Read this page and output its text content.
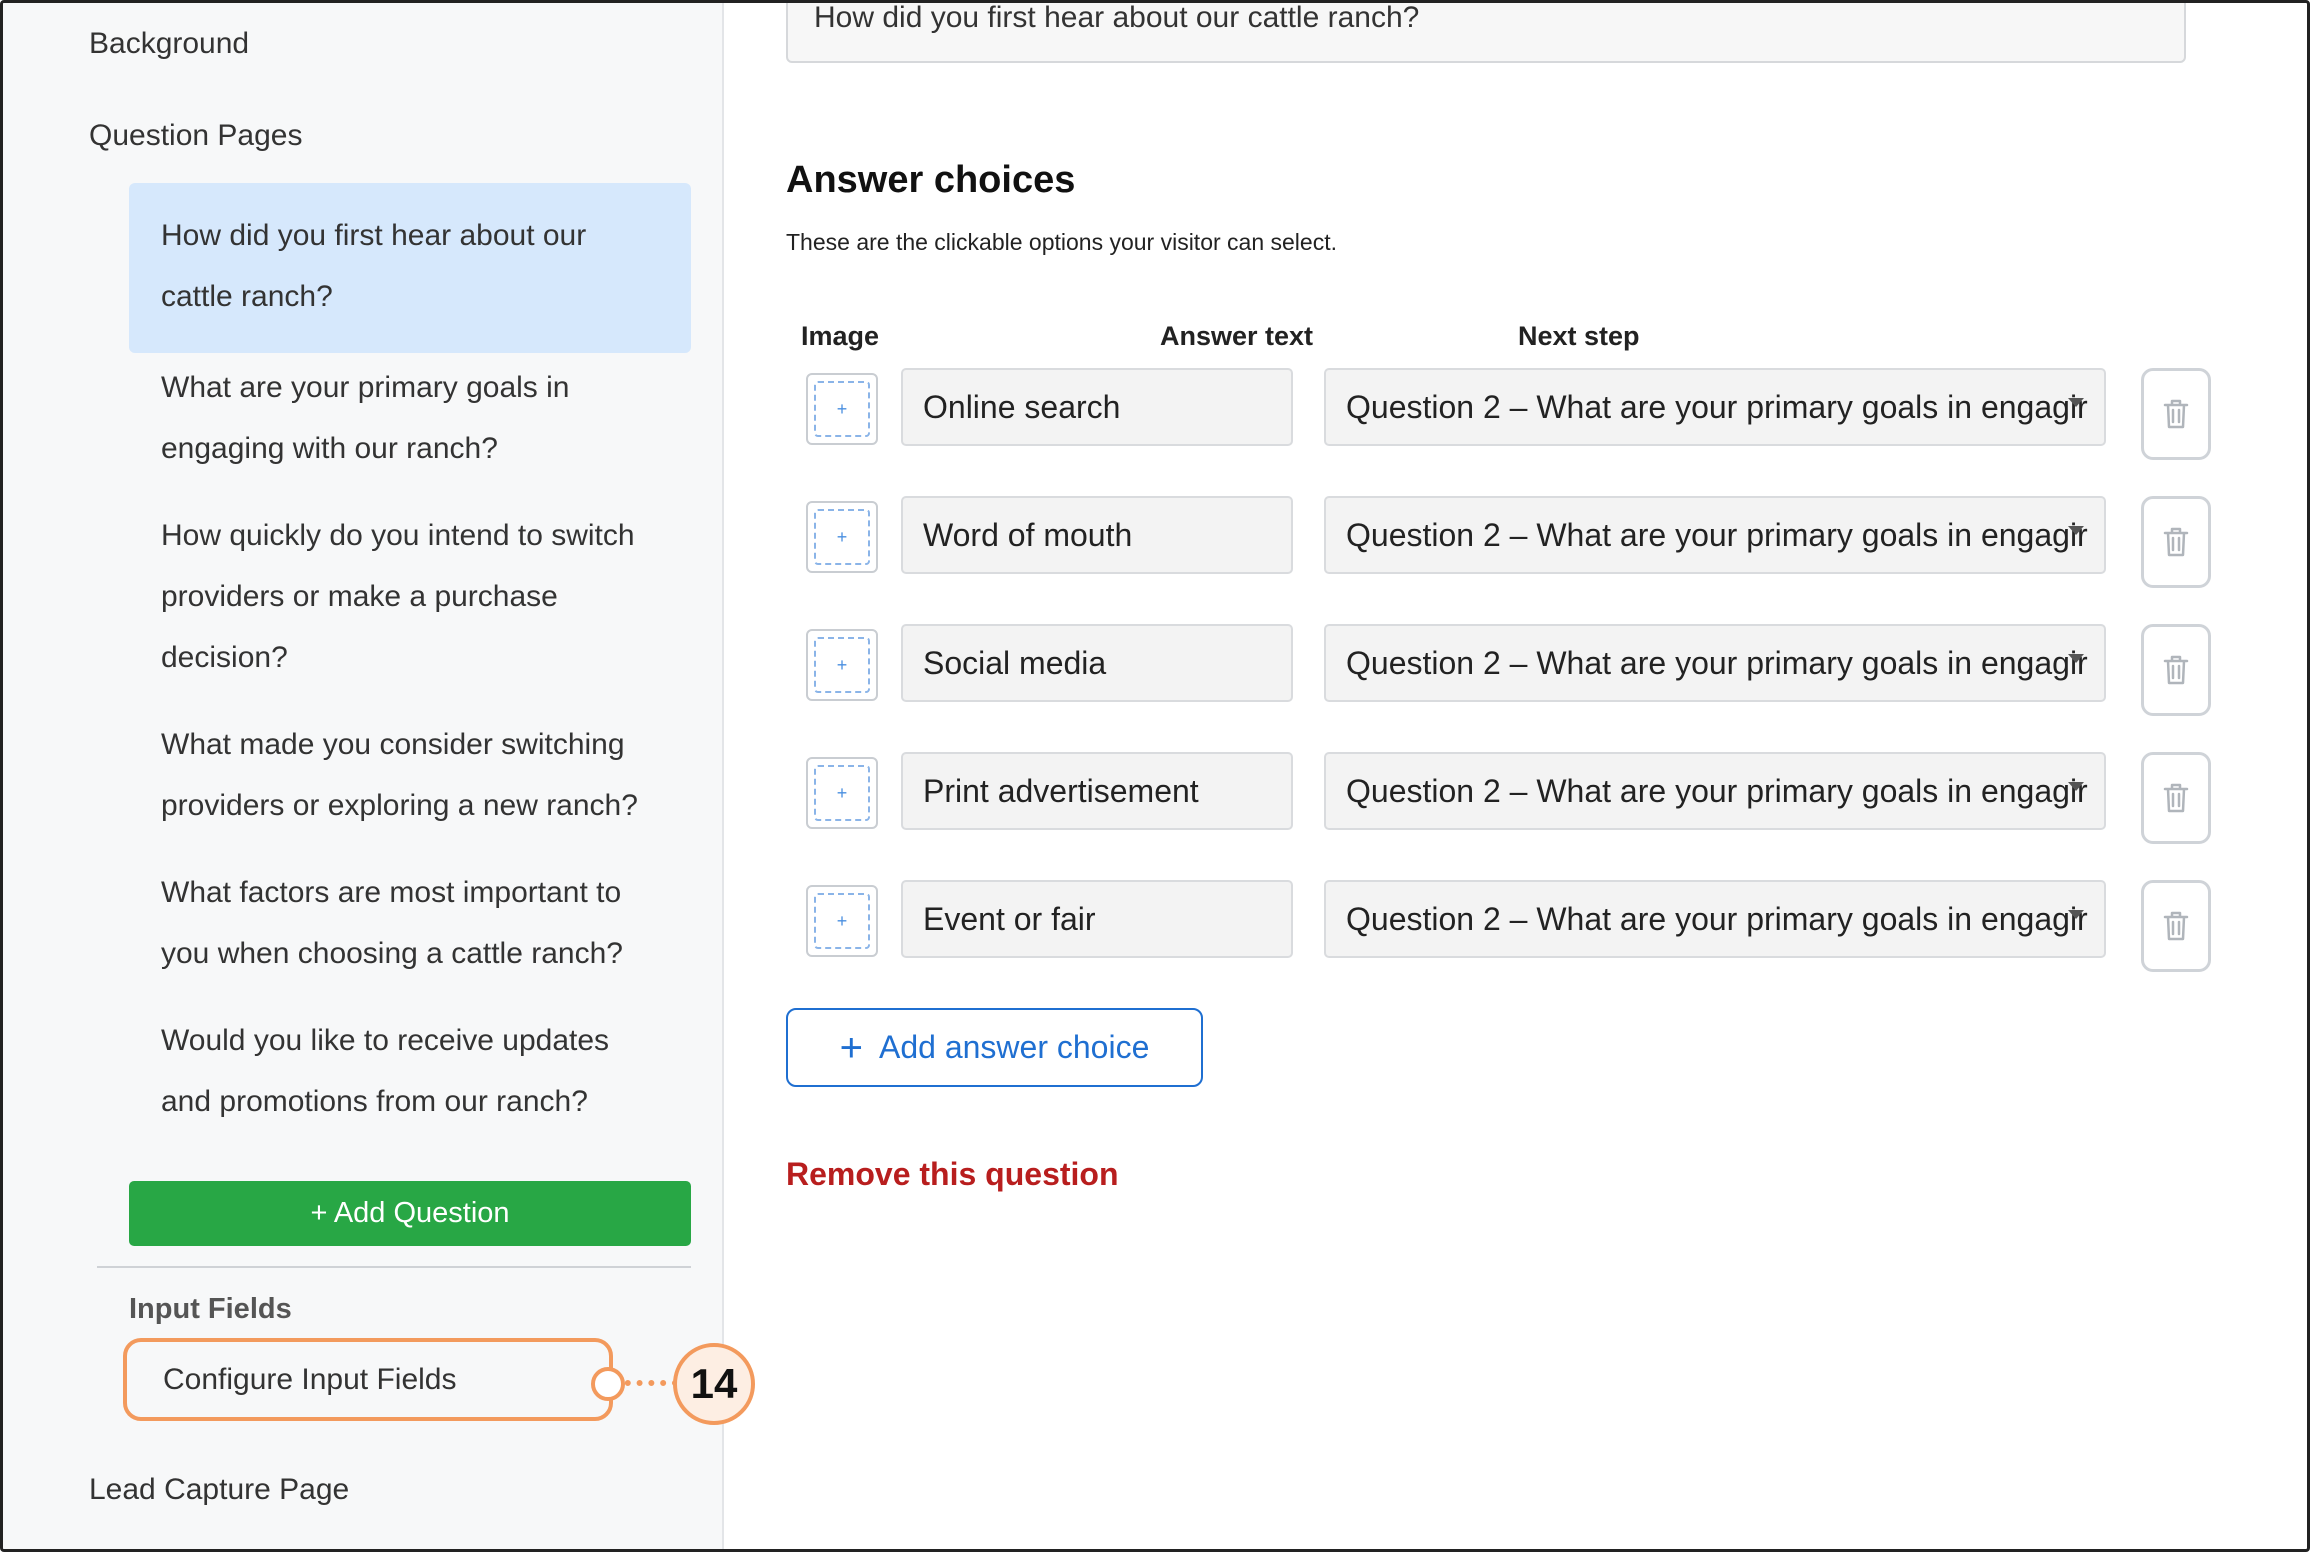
Background
Question Pages
How did you first hear about our cattle ranch?
What are your primary goals in engaging with our ranch?
How quickly do you intend to switch providers or make a purchase decision?
What made you consider switching providers or exploring a new ranch?
What factors are most important to you when choosing a cattle ranch?
Would you like to receive updates and promotions from our ranch?
+ Add Question
Input Fields
Configure Input Fields
Lead Capture Page
14
How did you first hear about our cattle ranch?
Answer choices
These are the clickable options your visitor can select.
Image	Answer text	Next step
+	Online search	Question 2 – What are your primary goals in engagir
+	Word of mouth	Question 2 – What are your primary goals in engagir
+	Social media	Question 2 – What are your primary goals in engagir
+	Print advertisement	Question 2 – What are your primary goals in engagir
+	Event or fair	Question 2 – What are your primary goals in engagir
+ Add answer choice
Remove this question
